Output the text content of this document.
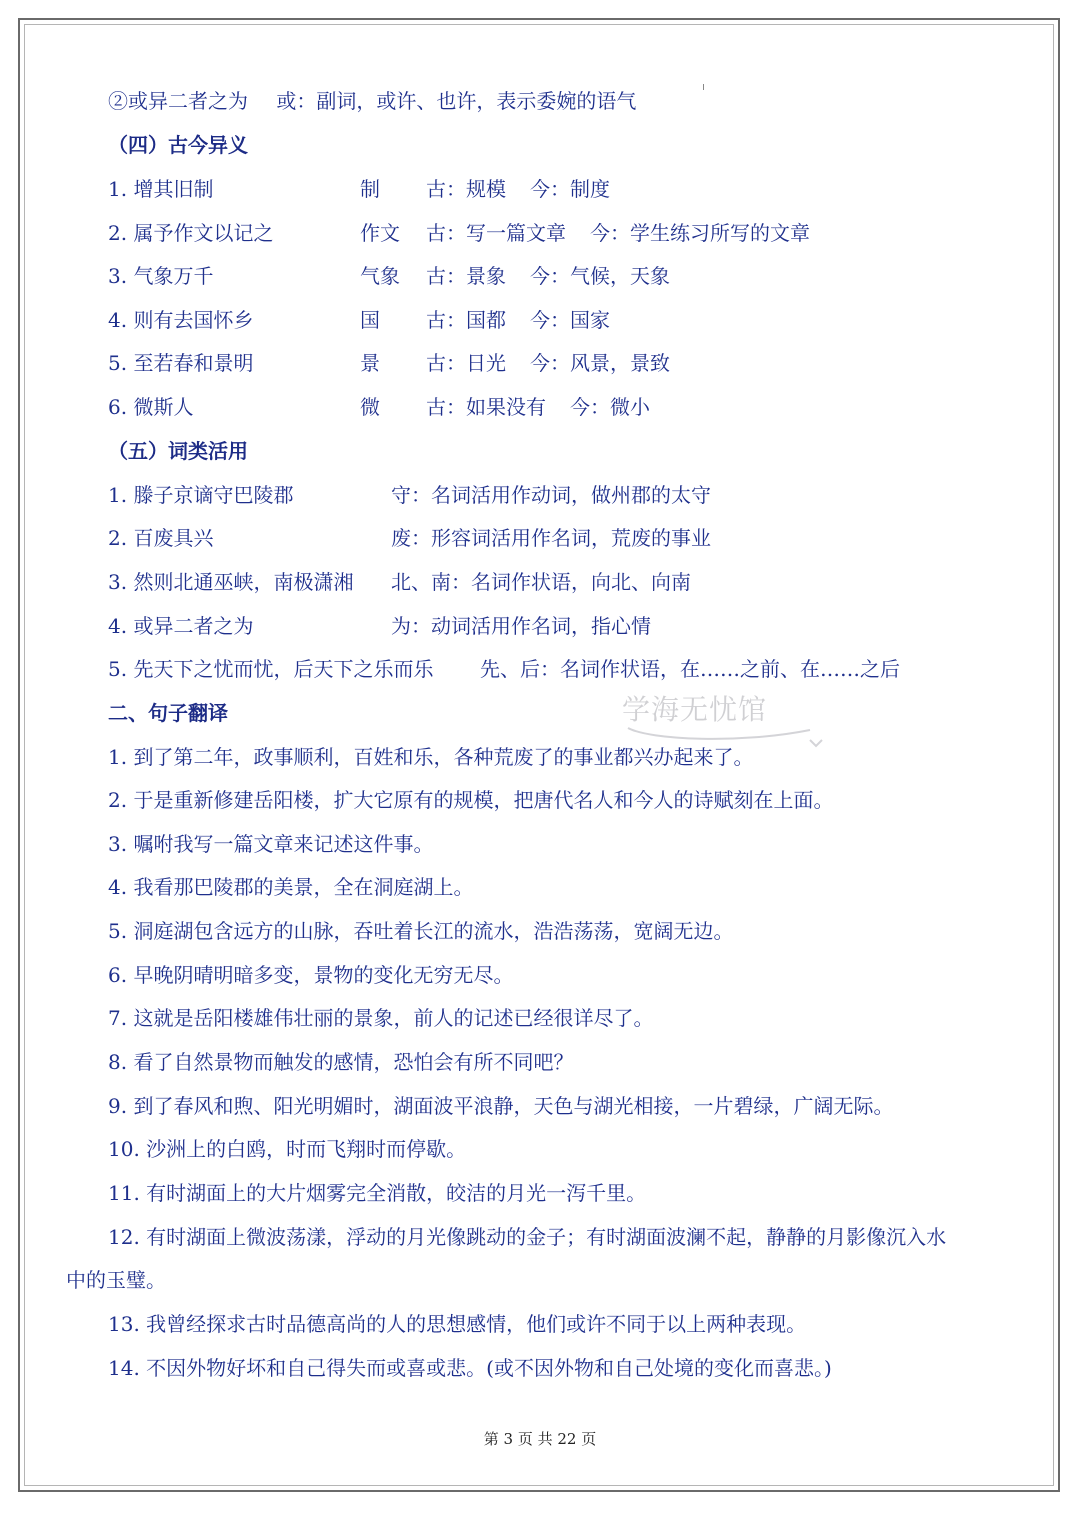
②或异二者之为 或：副词，或许、也许，表示委婉的语气
（四）古今异义
1. 增其旧制	制 古：规模 今：制度
2. 属予作文以记之	作文 古：写一篇文章 今：学生练习所写的文章
3. 气象万千	气象 古：景象 今：气候，天象
4. 则有去国怀乡	国 古：国都 今：国家
5. 至若春和景明	景 古：日光 今：风景，景致
6. 微斯人	微 古：如果没有 今：微小
（五）词类活用
1. 滕子京谪守巴陵郡	守：名词活用作动词，做州郡的太守
2. 百废具兴	废：形容词活用作名词，荒废的事业
3. 然则北通巫峡，南极潇湘 北、南：名词作状语，向北、向南
4. 或异二者之为	为：动词活用作名词，指心情
5. 先天下之忧而忧，后天下之乐而乐 先、后：名词作状语，在……之前、在……之后
二、句子翻译
1. 到了第二年，政事顺利，百姓和乐，各种荒废了的事业都兴办起来了。
2. 于是重新修建岳阳楼，扩大它原有的规模，把唐代名人和今人的诗赋刻在上面。
3. 嘱咐我写一篇文章来记述这件事。
4. 我看那巴陵郡的美景，全在洞庭湖上。
5. 洞庭湖包含远方的山脉，吞吐着长江的流水，浩浩荡荡，宽阔无边。
6. 早晚阴晴明暗多变，景物的变化无穷无尽。
7. 这就是岳阳楼雄伟壮丽的景象，前人的记述已经很详尽了。
8. 看了自然景物而触发的感情，恐怕会有所不同吧？
9. 到了春风和煦、阳光明媚时，湖面波平浪静，天色与湖光相接，一片碧绿，广阔无际。
10. 沙洲上的白鸥，时而飞翔时而停歇。
11. 有时湖面上的大片烟雾完全消散，皎洁的月光一泻千里。
12. 有时湖面上微波荡漾，浮动的月光像跳动的金子；有时湖面波澜不起，静静的月影像沉入水
中的玉璧。
13. 我曾经探求古时品德高尚的人的思想感情，他们或许不同于以上两种表现。
14. 不因外物好坏和自己得失而或喜或悲。(或不因外物和自己处境的变化而喜悲。)
学海无忧馆
第 3 页 共 22 页
